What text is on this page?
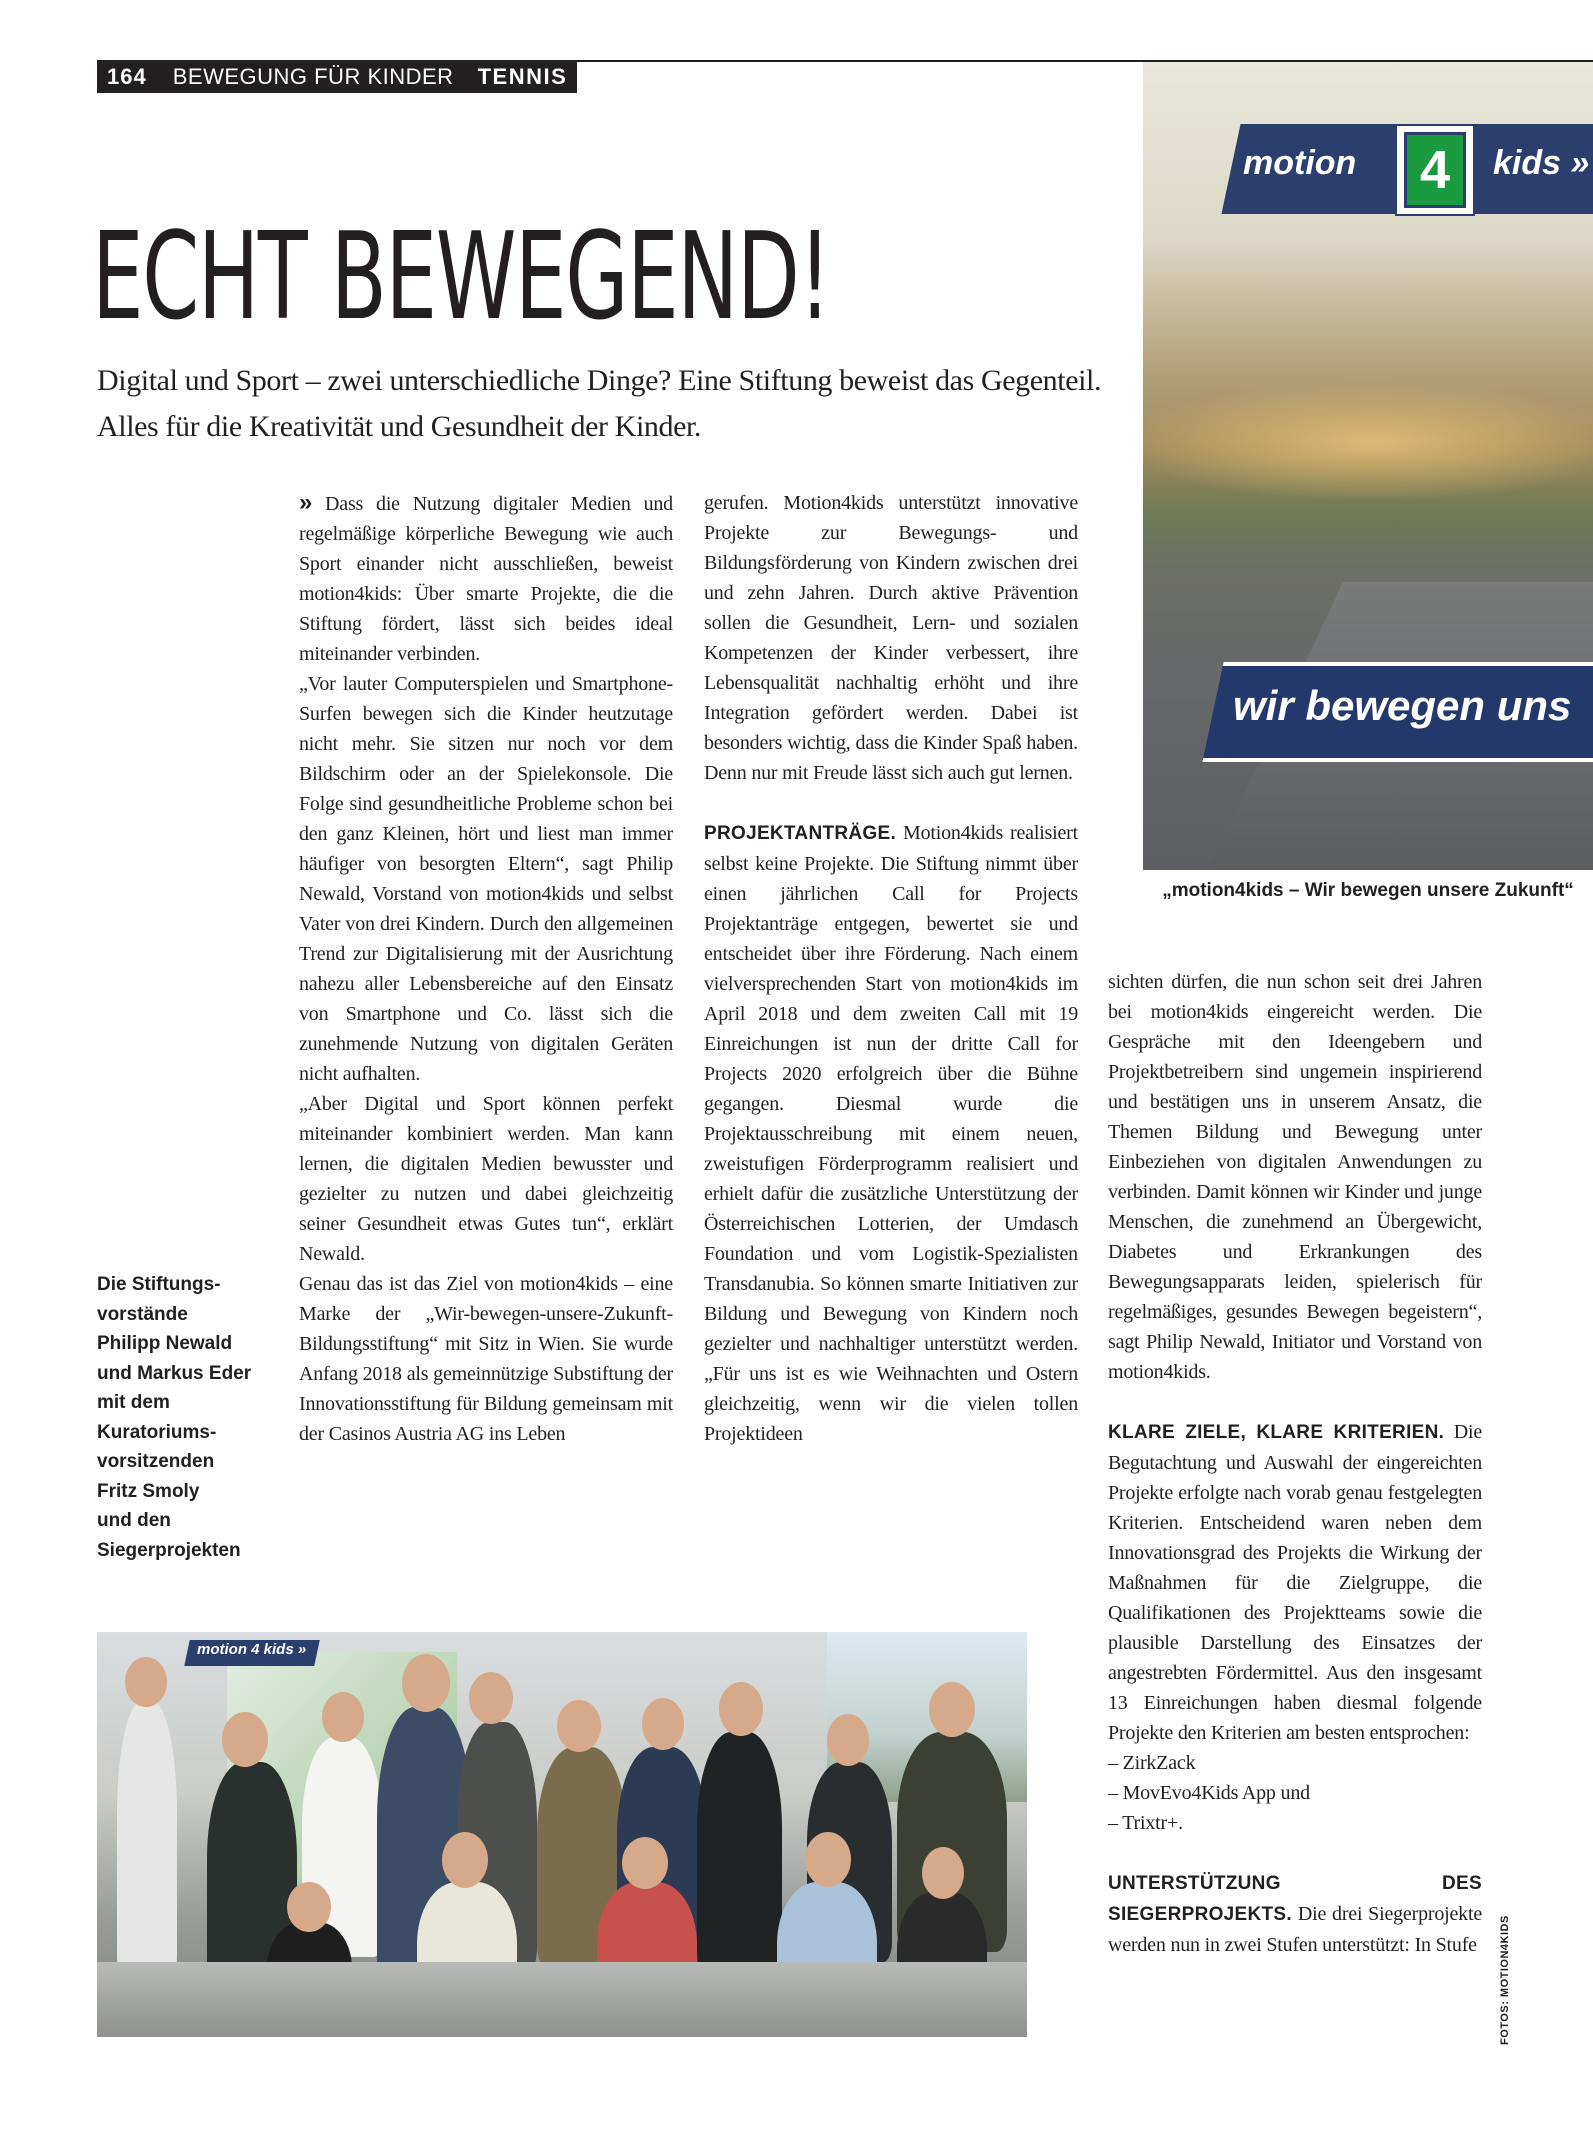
164 BEWEGUNG FÜR KINDER TENNIS
ECHT BEWEGEND!
Digital und Sport – zwei unterschiedliche Dinge? Eine Stiftung beweist das Gegenteil. Alles für die Kreativität und Gesundheit der Kinder.

» Dass die Nutzung digitaler Medien und regelmäßige körperliche Bewegung wie auch Sport einander nicht ausschließen, beweist motion4kids: Über smarte Projekte, die die Stiftung fördert, lässt sich beides ideal miteinander verbinden.

„Vor lauter Computerspielen und Smartphone-Surfen bewegen sich die Kinder heutzutage nicht mehr. Sie sitzen nur noch vor dem Bildschirm oder an der Spielekonsole. Die Folge sind gesundheitliche Probleme schon bei den ganz Kleinen, hört und liest man immer häufiger von besorgten Eltern“, sagt Philip Newald, Vorstand von motion4kids und selbst Vater von drei Kindern. Durch den allgemeinen Trend zur Digitalisierung mit der Ausrichtung nahezu aller Lebensbereiche auf den Einsatz von Smartphone und Co. lässt sich die zunehmende Nutzung von digitalen Geräten nicht aufhalten.

„Aber Digital und Sport können perfekt miteinander kombiniert werden. Man kann lernen, die digitalen Medien bewusster und gezielter zu nutzen und dabei gleichzeitig seiner Gesundheit etwas Gutes tun“, erklärt Newald.

Genau das ist das Ziel von motion4kids – eine Marke der „Wir-bewegen-unsere-Zukunft-Bildungsstiftung“ mit Sitz in Wien. Sie wurde Anfang 2018 als gemeinnützige Substiftung der Innovationsstiftung für Bildung gemeinsam mit der Casinos Austria AG ins Leben

gerufen. Motion4kids unterstützt innovative Projekte zur Bewegungs- und Bildungsförderung von Kindern zwischen drei und zehn Jahren. Durch aktive Prävention sollen die Gesundheit, Lern- und sozialen Kompetenzen der Kinder verbessert, ihre Lebensqualität nachhaltig erhöht und ihre Integration gefördert werden. Dabei ist besonders wichtig, dass die Kinder Spaß haben. Denn nur mit Freude lässt sich auch gut lernen.

PROJEKTANTRÄGE. Motion4kids realisiert selbst keine Projekte. Die Stiftung nimmt über einen jährlichen Call for Projects Projektanträge entgegen, bewertet sie und entscheidet über ihre Förderung. Nach einem vielversprechenden Start von motion4kids im April 2018 und dem zweiten Call mit 19 Einreichungen ist nun der dritte Call for Projects 2020 erfolgreich über die Bühne gegangen. Diesmal wurde die Projektausschreibung mit einem neuen, zweistufigen Förderprogramm realisiert und erhielt dafür die zusätzliche Unterstützung der Österreichischen Lotterien, der Umdasch Foundation und vom Logistik-Spezialisten Transdanubia. So können smarte Initiativen zur Bildung und Bewegung von Kindern noch gezielter und nachhaltiger unterstützt werden. „Für uns ist es wie Weihnachten und Ostern gleichzeitig, wenn wir die vielen tollen Projektideen

sichten dürfen, die nun schon seit drei Jahren bei motion4kids eingereicht werden. Die Gespräche mit den Ideengebern und Projektbetreibern sind ungemein inspirierend und bestätigen uns in unserem Ansatz, die Themen Bildung und Bewegung unter Einbeziehen von digitalen Anwendungen zu verbinden. Damit können wir Kinder und junge Menschen, die zunehmend an Übergewicht, Diabetes und Erkrankungen des Bewegungsapparats leiden, spielerisch für regelmäßiges, gesundes Bewegen begeistern“, sagt Philip Newald, Initiator und Vorstand von motion4kids.

KLARE ZIELE, KLARE KRITERIEN. Die Begutachtung und Auswahl der eingereichten Projekte erfolgte nach vorab genau festgelegten Kriterien. Entscheidend waren neben dem Innovationsgrad des Projekts die Wirkung der Maßnahmen für die Zielgruppe, die Qualifikationen des Projektteams sowie die plausible Darstellung des Einsatzes der angestrebten Fördermittel. Aus den insgesamt 13 Einreichungen haben diesmal folgende Projekte den Kriterien am besten entsprochen:

– ZirkZack

– MovEvo4Kids App und

– Trixtr+.

UNTERSTÜTZUNG DES SIEGERPROJEKTS. Die drei Siegerprojekte werden nun in zwei Stufen unterstützt: In Stufe

Die Stiftungs-
vorstände
Philipp Newald
und Markus Eder
mit dem
Kuratoriums-
vorsitzenden
Fritz Smoly
und den
Siegerprojekten
motion 4	kids »
wir bewegen uns
„motion4kids – Wir bewegen unsere Zukunft“
motion 4 kids »
FOTOS: MOTION4KIDS
